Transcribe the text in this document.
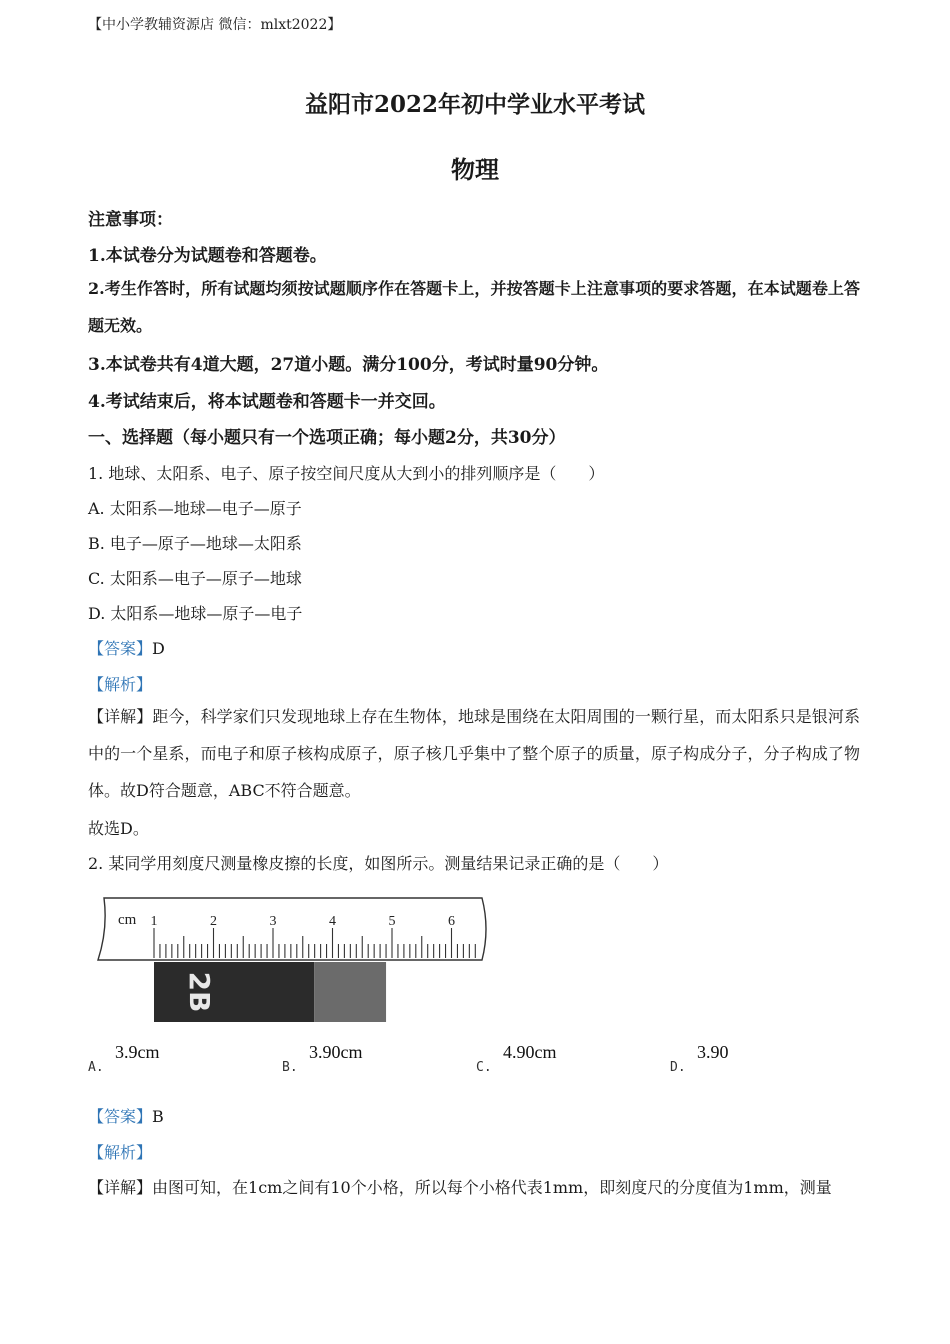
【中小学教辅资源店 微信：mlxt2022】
益阳市2022年初中学业水平考试
物理
注意事项：
1.本试卷分为试题卷和答题卷。
2.考生作答时，所有试题均须按试题顺序作在答题卡上，并按答题卡上注意事项的要求答题，在本试题卷上答题无效。
3.本试卷共有4道大题，27道小题。满分100分，考试时量90分钟。
4.考试结束后，将本试题卷和答题卡一并交回。
一、选择题（每小题只有一个选项正确；每小题2分，共30分）
1. 地球、太阳系、电子、原子按空间尺度从大到小的排列顺序是（　　）
A. 太阳系—地球—电子—原子
B. 电子—原子—地球—太阳系
C. 太阳系—电子—原子—地球
D. 太阳系—地球—原子—电子
【答案】D
【解析】
【详解】距今，科学家们只发现地球上存在生物体，地球是围绕在太阳周围的一颗行星，而太阳系只是银河系中的一个星系，而电子和原子核构成原子，原子核几乎集中了整个原子的质量，原子构成分子，分子构成了物体。故D符合题意，ABC不符合题意。
故选D。
2. 某同学用刻度尺测量橡皮擦的长度，如图所示。测量结果记录正确的是（　　）
cm 1	2	3	4	5	6
2B
A.
3.9cm
B.
3.90cm
C.
4.90cm
D.
3.90
【答案】B
【解析】
【详解】由图可知，在1cm之间有10个小格，所以每个小格代表1mm，即刻度尺的分度值为1mm，测量
